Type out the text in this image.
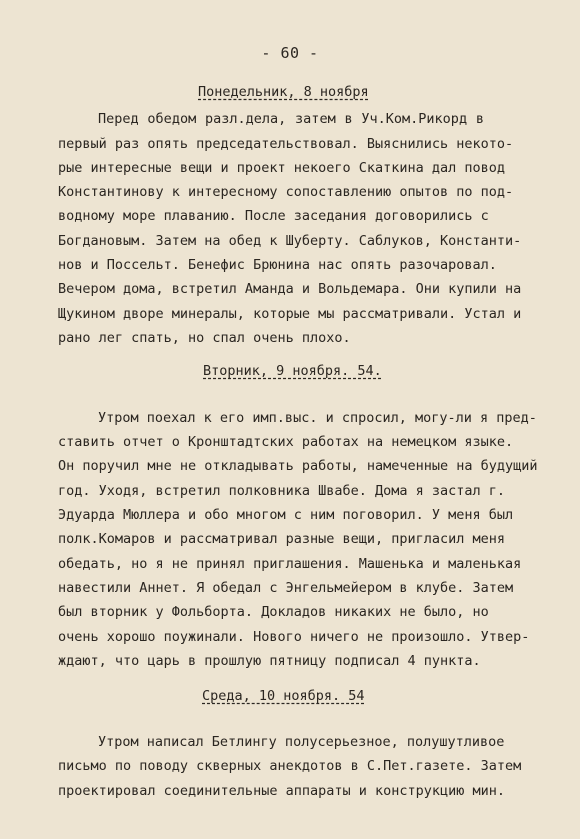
- 60 -
Понедельник, 8 ноября
Перед обедом разл.дела, затем в Уч.Ком.Рикорд в
первый раз опять председательствовал. Выяснились некото-
рые интересные вещи и проект некоего Скаткина дал повод
Константинову к интересному сопоставлению опытов по под-
водному море плаванию. После заседания договорились с
Богдановым. Затем на обед к Шуберту. Саблуков, Константи-
нов и Поссельт. Бенефис Брюнина нас опять разочаровал.
Вечером дома, встретил Аманда и Вольдемара. Они купили на
Щукином дворе минералы, которые мы рассматривали. Устал и
рано лег спать, но спал очень плохо.
Вторник, 9 ноября. 54.
Утром поехал к его имп.выс. и спросил, могу-ли я пред-
ставить отчет о Кронштадтских работах на немецком языке.
Он поручил мне не откладывать работы, намеченные на будущий
год. Уходя, встретил полковника Швабе. Дома я застал г.
Эдуарда Мюллера и обо многом с ним поговорил. У меня был
полк.Комаров и рассматривал разные вещи, пригласил меня
обедать, но я не принял приглашения. Машенька и маленькая
навестили Аннет. Я обедал с Энгельмейером в клубе. Затем
был вторник у Фольборта. Докладов никаких не было, но
очень хорошо поужинали. Нового ничего не произошло. Утвер-
ждают, что царь в прошлую пятницу подписал 4 пункта.
Среда, 10 ноября. 54
Утром написал Бетлингу полусерьезное, полушутливое
письмо по поводу скверных анекдотов в С.Пет.газете. Затем
проектировал соединительные аппараты и конструкцию мин.
